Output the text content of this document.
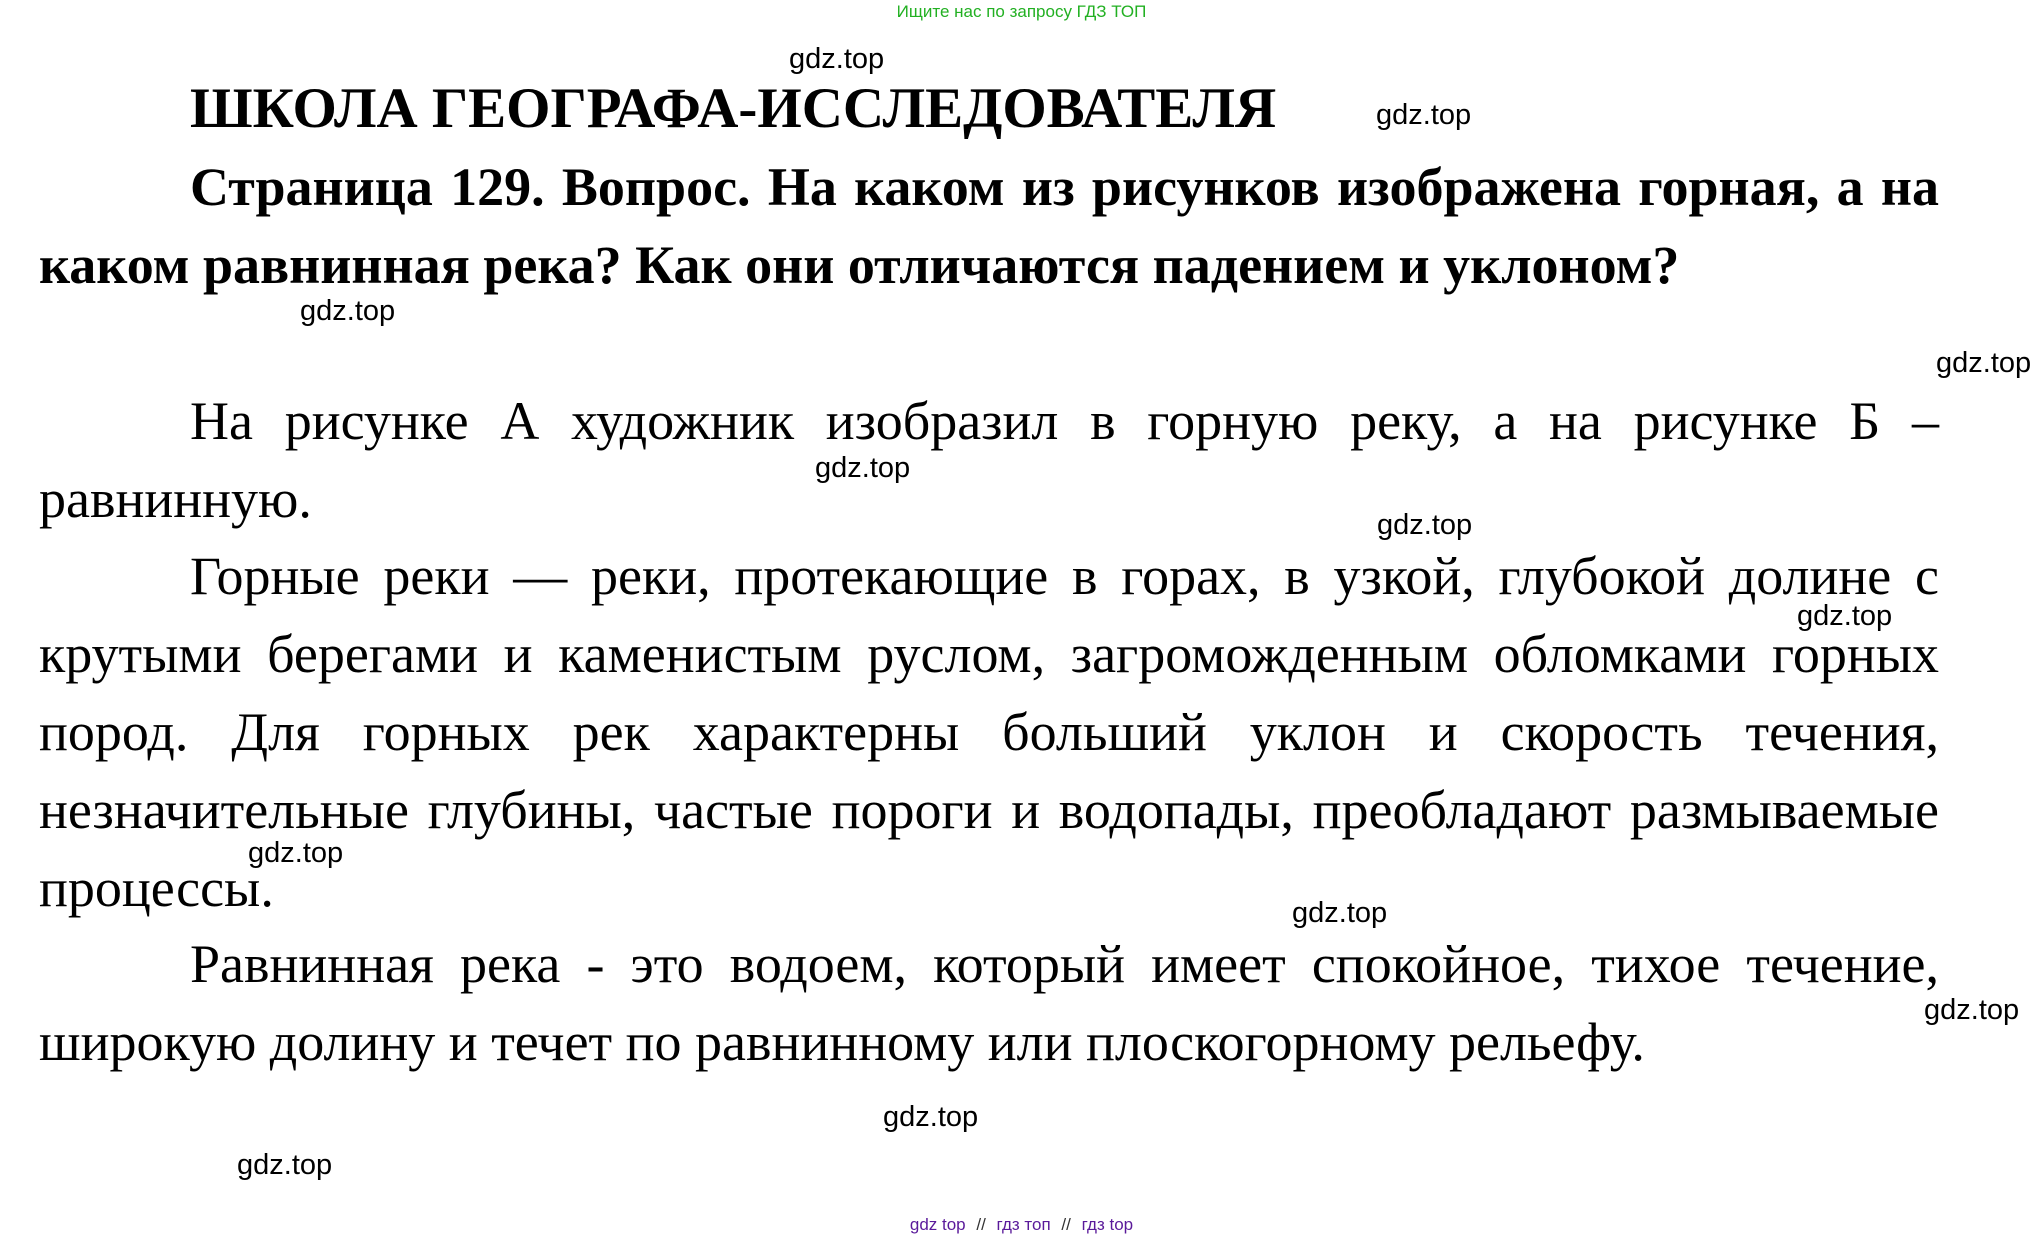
Ищите нас по запросу ГДЗ ТОП
ШКОЛА ГЕОГРАФА-ИССЛЕДОВАТЕЛЯ

Страница 129. Вопрос. На каком из рисунков изображена горная, а на каком равнинная река? Как они отличаются падением и уклоном?

На рисунке А художник изобразил в горную реку, а на рисунке Б – равнинную.

Горные реки — реки, протекающие в горах, в узкой, глубокой долине с крутыми берегами и каменистым руслом, загроможденным обломками горных пород. Для горных рек характерны больший уклон и скорость течения, незначительные глубины, частые пороги и водопады, преобладают размываемые процессы.

Равнинная река - это водоем, который имеет спокойное, тихое течение, широкую долину и течет по равнинному или плоскогорному рельефу.

gdz.top
gdz.top
gdz.top
gdz.top
gdz.top
gdz.top
gdz.top
gdz.top
gdz.top
gdz.top
gdz.top
gdz.top
gdz top // гдз топ // гдз top
